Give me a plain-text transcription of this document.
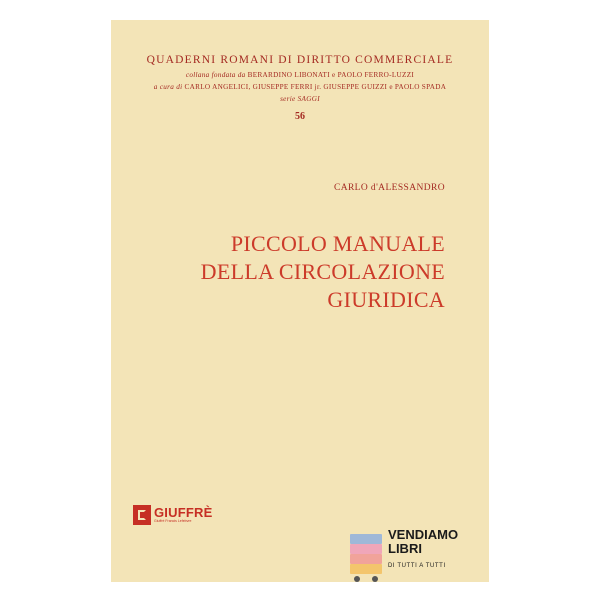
QUADERNI ROMANI DI DIRITTO COMMERCIALE
collana fondata da BERARDINO LIBONATI e PAOLO FERRO-LUZZI
a cura di CARLO ANGELICI, GIUSEPPE FERRI jr. GIUSEPPE GUIZZI e PAOLO SPADA
serie SAGGI
56
CARLO d'ALESSANDRO
PICCOLO MANUALE
DELLA CIRCOLAZIONE
GIURIDICA
GIUFFRÈ
Giuffrè Francis Lefebvre
VENDIAMO
LIBRI
DI TUTTI A TUTTI
